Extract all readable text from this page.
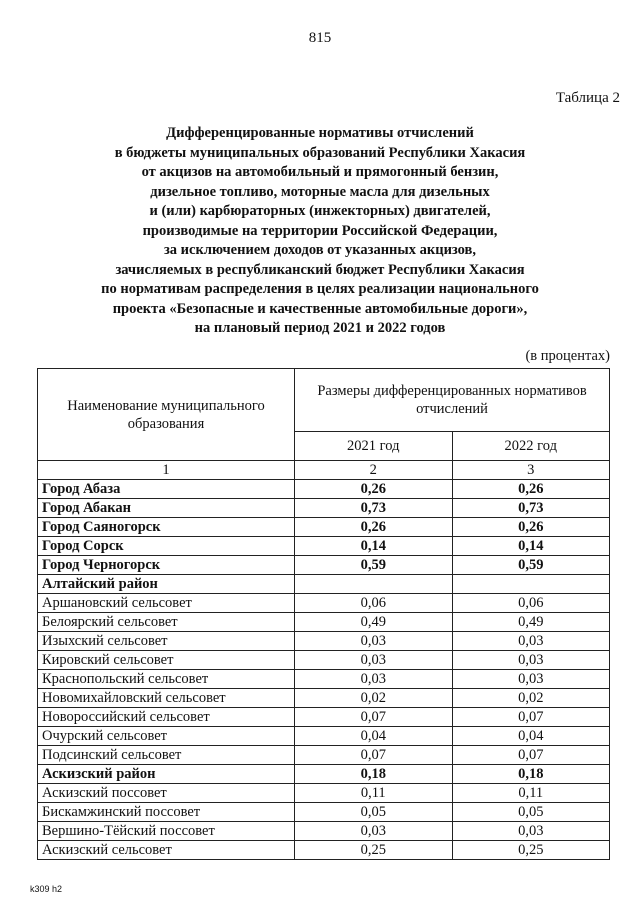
815
Таблица 2
Дифференцированные нормативы отчислений
в бюджеты муниципальных образований Республики Хакасия
от акцизов на автомобильный и прямогонный бензин,
дизельное топливо, моторные масла для дизельных
и (или) карбюраторных (инжекторных) двигателей,
производимые на территории Российской Федерации,
за исключением доходов от указанных акцизов,
зачисляемых в республиканский бюджет Республики Хакасия
по нормативам распределения в целях реализации национального
проекта «Безопасные и качественные автомобильные дороги»,
на плановый период 2021 и 2022 годов
(в процентах)
Наименование муниципального образования	Размеры дифференцированных нормативов отчислений	
	2021 год	2022 год
1	2	3
Город Абаза	0,26	0,26
Город Абакан	0,73	0,73
Город Саяногорск	0,26	0,26
Город Сорск	0,14	0,14
Город Черногорск	0,59	0,59
Алтайский район		
Аршановский сельсовет	0,06	0,06
Белоярский сельсовет	0,49	0,49
Изыхский сельсовет	0,03	0,03
Кировский сельсовет	0,03	0,03
Краснопольский сельсовет	0,03	0,03
Новомихайловский сельсовет	0,02	0,02
Новороссийский сельсовет	0,07	0,07
Очурский сельсовет	0,04	0,04
Подсинский сельсовет	0,07	0,07
Аскизский район	0,18	0,18
Аскизский поссовет	0,11	0,11
Бискамжинский поссовет	0,05	0,05
Вершино-Тёйский поссовет	0,03	0,03
Аскизский сельсовет	0,25	0,25
k309 h2
